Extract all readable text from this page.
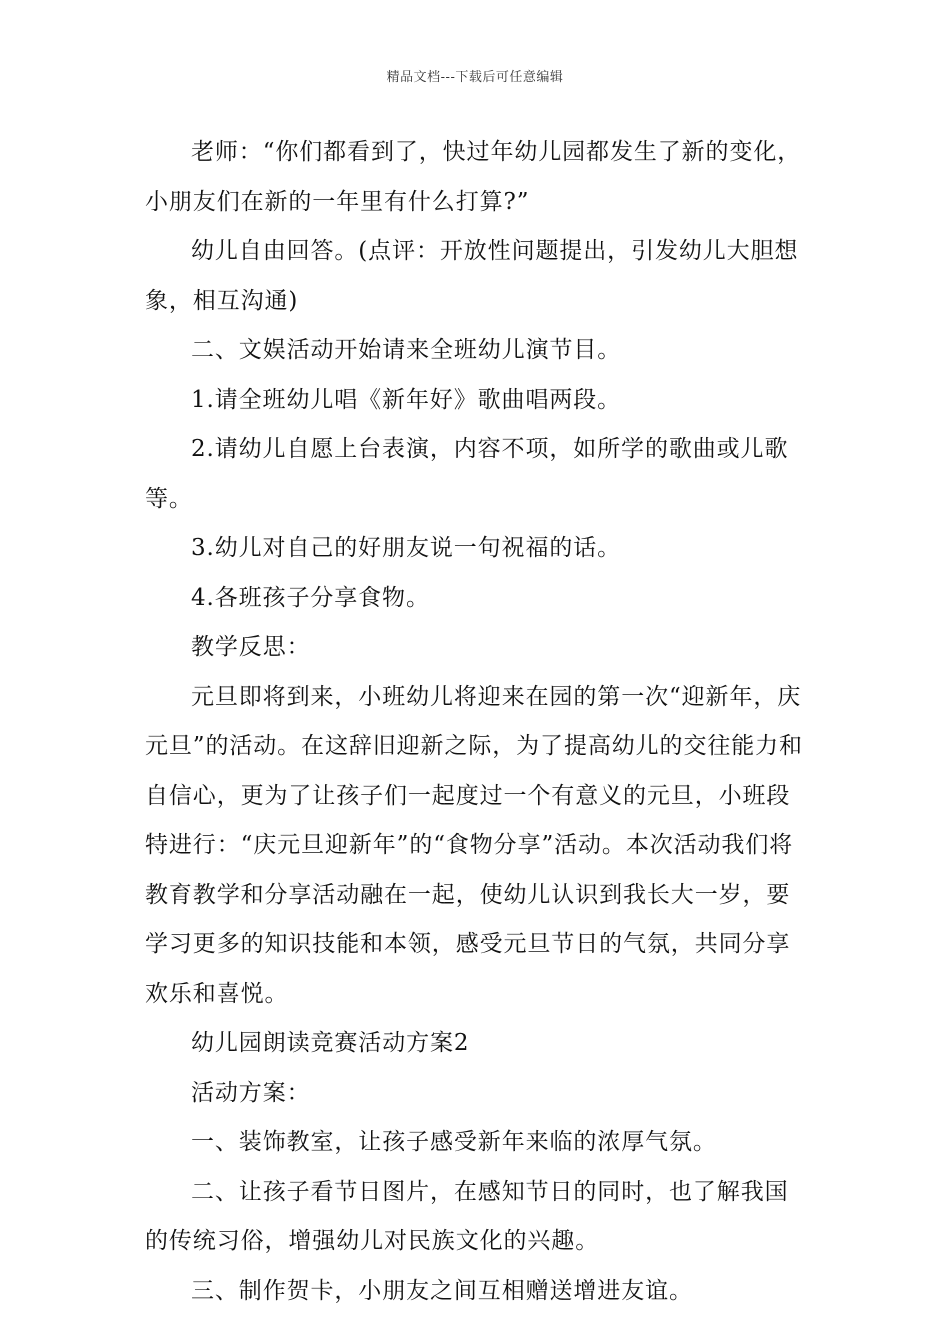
精品文档---下载后可任意编辑

老师：“你们都看到了，快过年幼儿园都发生了新的变化，小朋友们在新的一年里有什么打算?”

幼儿自由回答。(点评：开放性问题提出，引发幼儿大胆想象，相互沟通)

二、文娱活动开始请来全班幼儿演节目。

1.请全班幼儿唱《新年好》歌曲唱两段。

2.请幼儿自愿上台表演，内容不项，如所学的歌曲或儿歌等。

3.幼儿对自己的好朋友说一句祝福的话。

4.各班孩子分享食物。

教学反思：

元旦即将到来，小班幼儿将迎来在园的第一次“迎新年，庆元旦”的活动。在这辞旧迎新之际，为了提高幼儿的交往能力和自信心，更为了让孩子们一起度过一个有意义的元旦，小班段特进行：“庆元旦迎新年”的“食物分享”活动。本次活动我们将教育教学和分享活动融在一起，使幼儿认识到我长大一岁，要学习更多的知识技能和本领，感受元旦节日的气氛，共同分享欢乐和喜悦。

幼儿园朗读竞赛活动方案2

活动方案：

一、装饰教室，让孩子感受新年来临的浓厚气氛。

二、让孩子看节日图片，在感知节日的同时，也了解我国的传统习俗，增强幼儿对民族文化的兴趣。

三、制作贺卡，小朋友之间互相赠送增进友谊。
